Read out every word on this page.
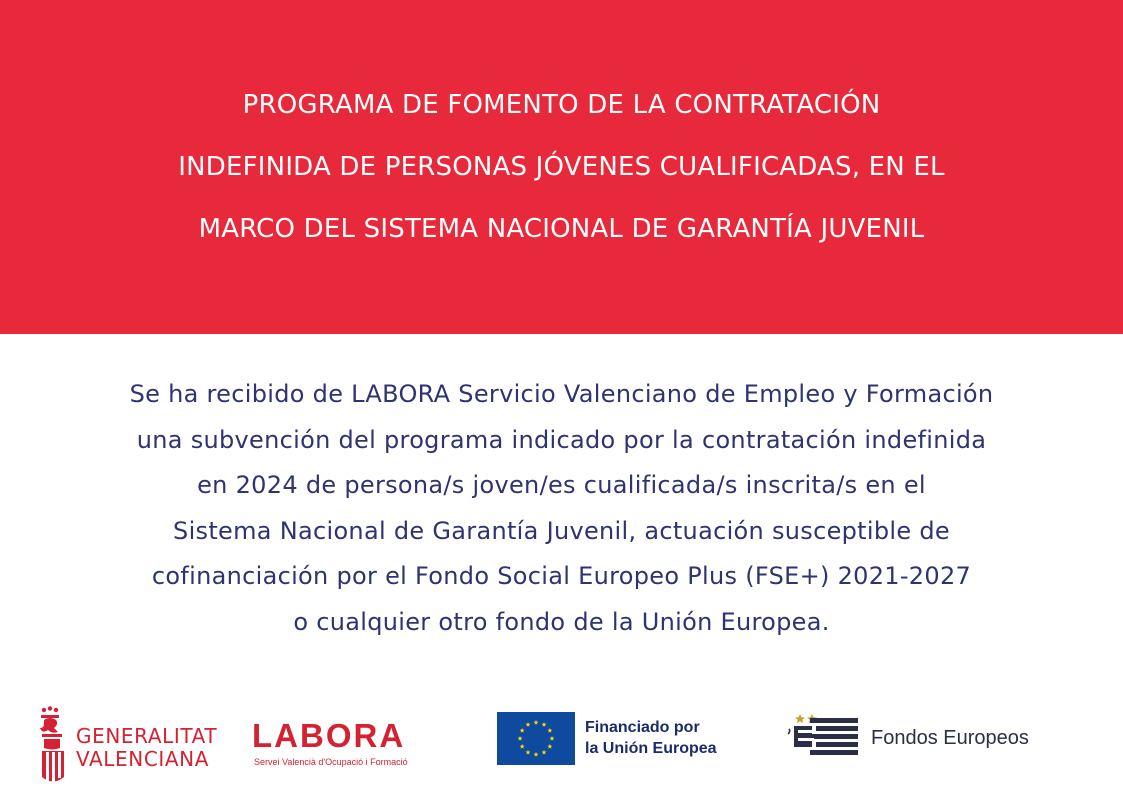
PROGRAMA DE FOMENTO DE LA CONTRATACIÓN
INDEFINIDA DE PERSONAS JÓVENES CUALIFICADAS, EN EL
MARCO DEL SISTEMA NACIONAL DE GARANTÍA JUVENIL
Se ha recibido de LABORA Servicio Valenciano de Empleo y Formación
una subvención del programa indicado por la contratación indefinida
en 2024 de persona/s joven/es cualificada/s inscrita/s en el
Sistema Nacional de Garantía Juvenil, actuación susceptible de
cofinanciación por el Fondo Social Europeo Plus (FSE+) 2021-2027
o cualquier otro fondo de la Unión Europea.
GENERALITAT
VALENCIANA
LABORA
Servei Valencià d'Ocupació i Formació
Financiado por
la Unión Europea	Fondos Europeos
